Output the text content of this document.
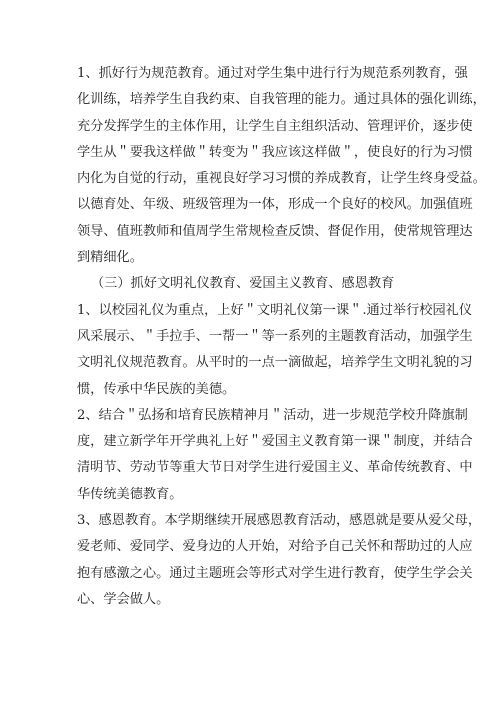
1、抓好行为规范教育。通过对学生集中进行行为规范系列教育，强
化训练，培养学生自我约束、自我管理的能力。通过具体的强化训练，
充分发挥学生的主体作用，让学生自主组织活动、管理评价，逐步使
学生从＂要我这样做＂转变为＂我应该这样做＂，使良好的行为习惯
内化为自觉的行动，重视良好学习习惯的养成教育，让学生终身受益。
以德育处、年级、班级管理为一体，形成一个良好的校风。加强值班
领导、值班教师和值周学生常规检查反馈、督促作用，使常规管理达
到精细化。
（三）抓好文明礼仪教育、爱国主义教育、感恩教育
1、以校园礼仪为重点，上好＂文明礼仪第一课＂.通过举行校园礼仪
风采展示、＂手拉手、一帮一＂等一系列的主题教育活动，加强学生
文明礼仪规范教育。从平时的一点一滴做起，培养学生文明礼貌的习
惯，传承中华民族的美德。
2、结合＂弘扬和培育民族精神月＂活动，进一步规范学校升降旗制
度，建立新学年开学典礼上好＂爱国主义教育第一课＂制度，并结合
清明节、劳动节等重大节日对学生进行爱国主义、革命传统教育、中
华传统美德教育。
3、感恩教育。本学期继续开展感恩教育活动，感恩就是要从爱父母，
爱老师、爱同学、爱身边的人开始，对给予自己关怀和帮助过的人应
抱有感激之心。通过主题班会等形式对学生进行教育，使学生学会关
心、学会做人。
